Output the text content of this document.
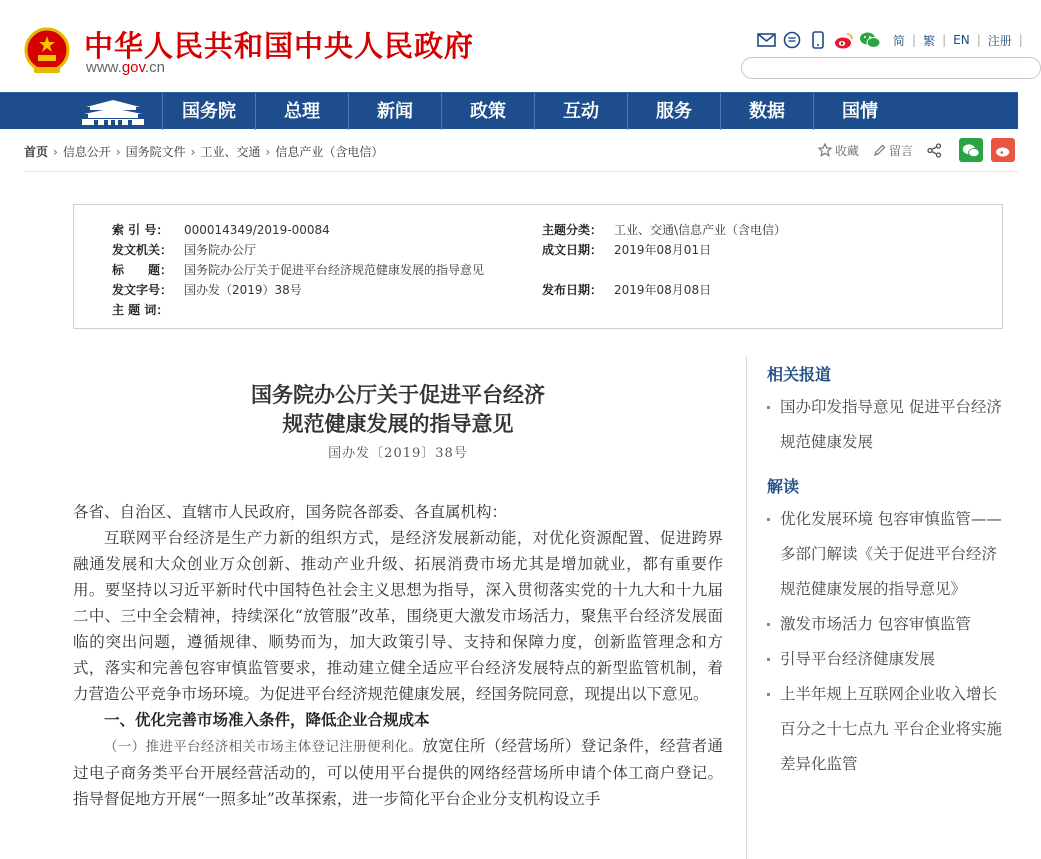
中华人民共和国中央人民政府
www.gov.cn
简 | 繁 | EN | 注册 |
国务院	总理	新闻	政策	互动	服务	数据	国情
首页 › 信息公开 › 国务院文件 › 工业、交通 › 信息产业（含电信）	收藏	留言
索 引 号： 000014349/2019-00084	主题分类： 工业、交通\信息产业（含电信）
发文机关： 国务院办公厅	成文日期： 2019年08月01日
标　　题： 国务院办公厅关于促进平台经济规范健康发展的指导意见
发文字号： 国办发（2019）38号	发布日期： 2019年08月08日
主 题 词：
国务院办公厅关于促进平台经济
规范健康发展的指导意见
国办发〔2019〕38号

各省、自治区、直辖市人民政府，国务院各部委、各直属机构：

互联网平台经济是生产力新的组织方式，是经济发展新动能，对优化资源配置、促进跨界融通发展和大众创业万众创新、推动产业升级、拓展消费市场尤其是增加就业，都有重要作用。要坚持以习近平新时代中国特色社会主义思想为指导，深入贯彻落实党的十九大和十九届二中、三中全会精神，持续深化“放管服”改革，围绕更大激发市场活力，聚焦平台经济发展面临的突出问题，遵循规律、顺势而为，加大政策引导、支持和保障力度，创新监管理念和方式，落实和完善包容审慎监管要求，推动建立健全适应平台经济发展特点的新型监管机制，着力营造公平竞争市场环境。为促进平台经济规范健康发展，经国务院同意，现提出以下意见。

一、优化完善市场准入条件，降低企业合规成本

（一）推进平台经济相关市场主体登记注册便利化。放宽住所（经营场所）登记条件，经营者通过电子商务类平台开展经营活动的，可以使用平台提供的网络经营场所申请个体工商户登记。指导督促地方开展“一照多址”改革探索，进一步简化平台企业分支机构设立手

相关报道
国办印发指导意见 促进平台经济规范健康发展
解读
优化发展环境 包容审慎监管——多部门解读《关于促进平台经济规范健康发展的指导意见》
激发市场活力 包容审慎监管
引导平台经济健康发展
上半年规上互联网企业收入增长百分之十七点九 平台企业将实施差异化监管
